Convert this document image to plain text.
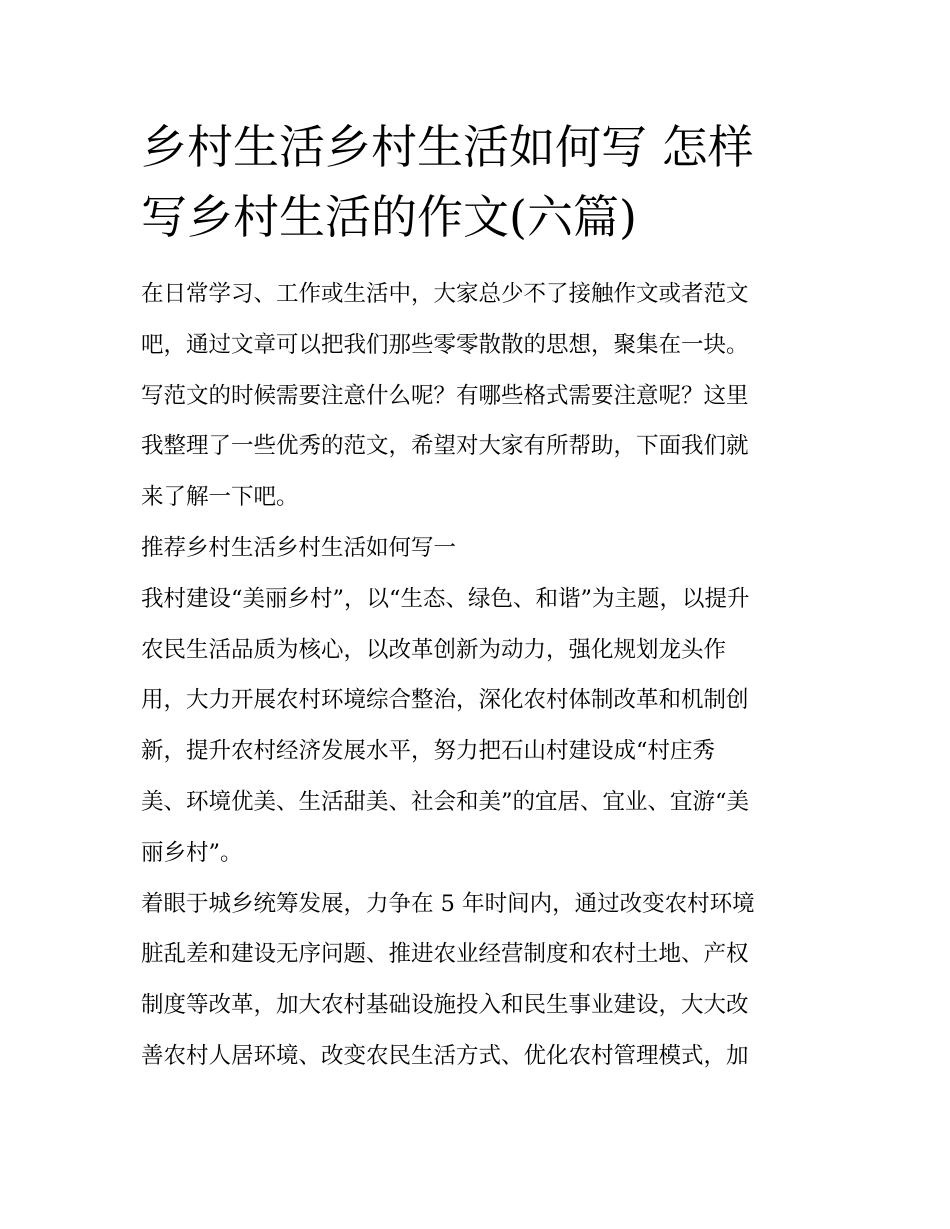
乡村生活乡村生活如何写 怎样
写乡村生活的作文(六篇)

在日常学习、工作或生活中，大家总少不了接触作文或者范文
吧，通过文章可以把我们那些零零散散的思想，聚集在一块。
写范文的时候需要注意什么呢？有哪些格式需要注意呢？这里
我整理了一些优秀的范文，希望对大家有所帮助，下面我们就
来了解一下吧。

推荐乡村生活乡村生活如何写一

我村建设“美丽乡村”，以“生态、绿色、和谐”为主题，以提升
农民生活品质为核心，以改革创新为动力，强化规划龙头作
用，大力开展农村环境综合整治，深化农村体制改革和机制创
新，提升农村经济发展水平，努力把石山村建设成“村庄秀
美、环境优美、生活甜美、社会和美”的宜居、宜业、宜游“美
丽乡村”。

着眼于城乡统筹发展，力争在 5 年时间内，通过改变农村环境
脏乱差和建设无序问题、推进农业经营制度和农村土地、产权
制度等改革，加大农村基础设施投入和民生事业建设，大大改
善农村人居环境、改变农民生活方式、优化农村管理模式，加
